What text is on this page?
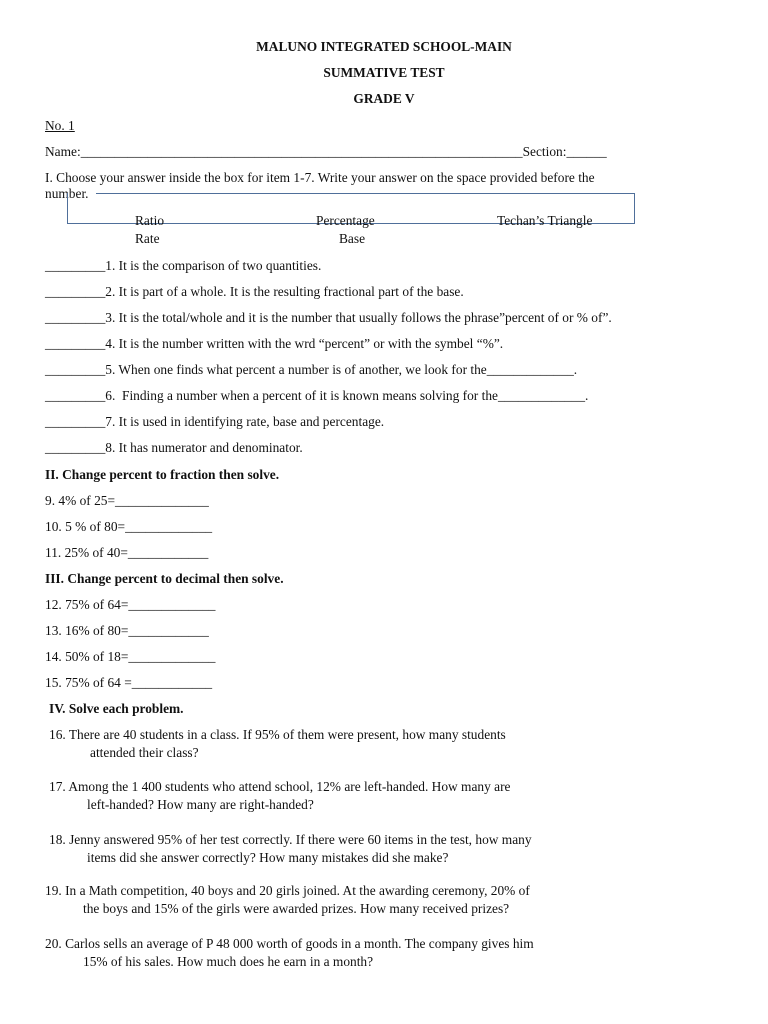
MALUNO INTEGRATED SCHOOL-MAIN
SUMMATIVE TEST
GRADE V
No. 1
Name:__________________________________________________________________Section:______
I. Choose your answer inside the box for item 1-7. Write your answer on the space provided before the
number.
Ratio	Percentage	Techan’s Triangle
Rate	Base
_________1. It is the comparison of two quantities.
_________2. It is part of a whole. It is the resulting fractional part of the base.
_________3. It is the total/whole and it is the number that usually follows the phrase”percent of or % of”.
_________4. It is the number written with the wrd “percent” or with the symbel “%”.
_________5. When one finds what percent a number is of another, we look for the_____________.
_________6.  Finding a number when a percent of it is known means solving for the_____________.
_________7. It is used in identifying rate, base and percentage.
_________8. It has numerator and denominator.
II. Change percent to fraction then solve.
9. 4% of 25=______________
10. 5 % of 80=_____________
11. 25% of 40=____________
III. Change percent to decimal then solve.
12. 75% of 64=_____________
13. 16% of 80=____________
14. 50% of 18=_____________
15. 75% of 64 =____________
IV. Solve each problem.
16. There are 40 students in a class. If 95% of them were present, how many students
attended their class?
17. Among the 1 400 students who attend school, 12% are left-handed. How many are
left-handed? How many are right-handed?
18. Jenny answered 95% of her test correctly. If there were 60 items in the test, how many
items did she answer correctly? How many mistakes did she make?
19. In a Math competition, 40 boys and 20 girls joined. At the awarding ceremony, 20% of
the boys and 15% of the girls were awarded prizes. How many received prizes?
20. Carlos sells an average of P 48 000 worth of goods in a month. The company gives him
15% of his sales. How much does he earn in a month?
